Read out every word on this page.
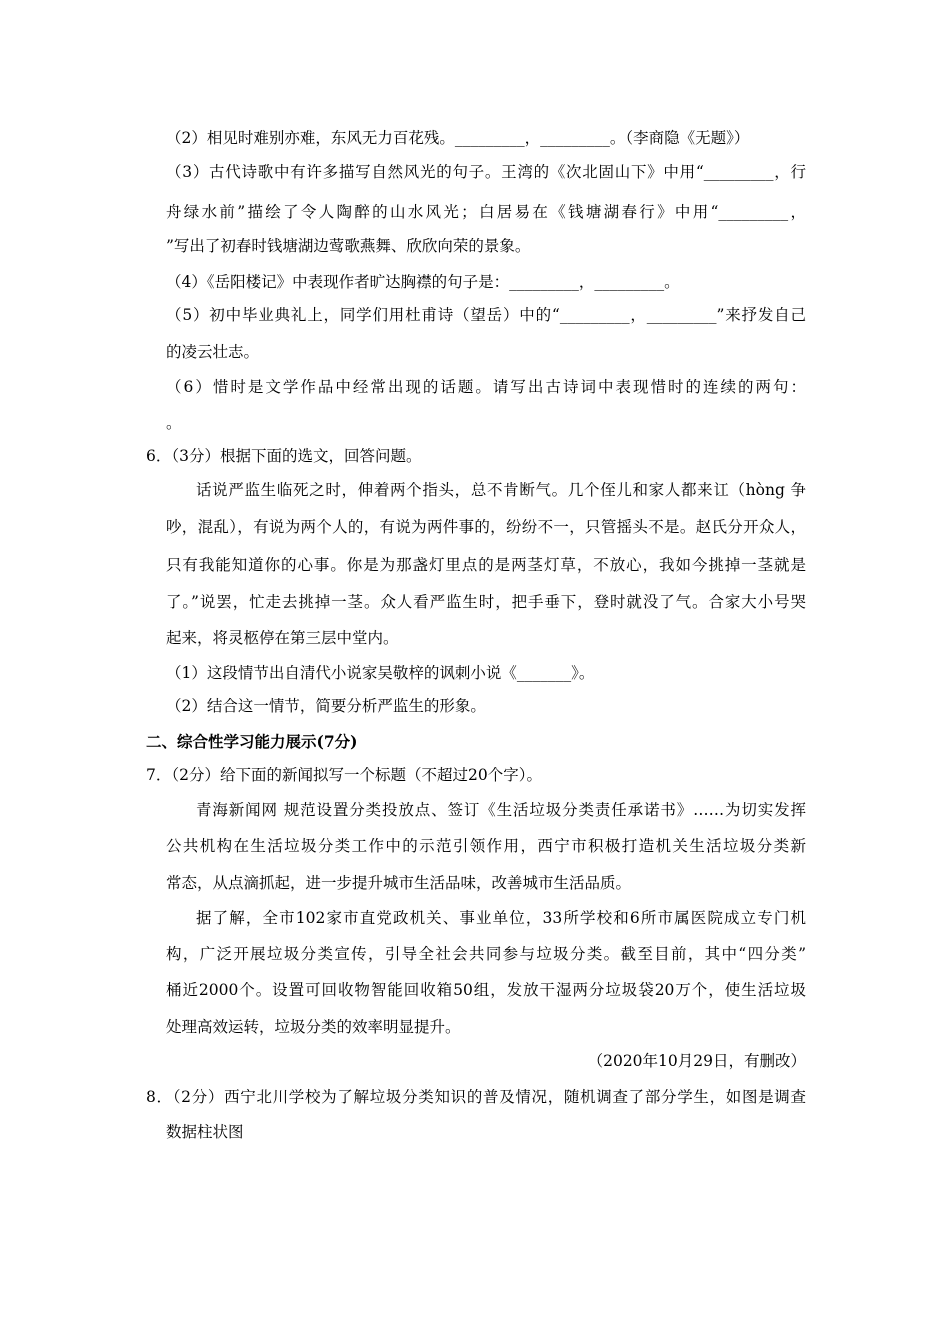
（2）相见时难别亦难，东风无力百花残。_________，_________。（李商隐《无题》）
（3）古代诗歌中有许多描写自然风光的句子。王湾的《次北固山下》中用“_________，行
舟绿水前”描绘了令人陶醉的山水风光；白居易在《钱塘湖春行》中用“_________，
”写出了初春时钱塘湖边莺歌燕舞、欣欣向荣的景象。
（4）《岳阳楼记》中表现作者旷达胸襟的句子是：_________，_________。
（5）初中毕业典礼上，同学们用杜甫诗（望岳）中的“_________，_________”来抒发自己
的凌云壮志。
（6）惜时是文学作品中经常出现的话题。请写出古诗词中表现惜时的连续的两句：
。
6．（3分）根据下面的选文，回答问题。
话说严监生临死之时，伸着两个指头，总不肯断气。几个侄儿和家人都来讧（hòng 争
吵，混乱），有说为两个人的，有说为两件事的，纷纷不一，只管摇头不是。赵氏分开众人，
只有我能知道你的心事。你是为那盏灯里点的是两茎灯草，不放心，我如今挑掉一茎就是
了。”说罢，忙走去挑掉一茎。众人看严监生时，把手垂下，登时就没了气。合家大小号哭
起来，将灵柩停在第三层中堂内。
（1）这段情节出自清代小说家吴敬梓的讽刺小说《_______》。
（2）结合这一情节，简要分析严监生的形象。
二、综合性学习能力展示(7分)
7．（2分）给下面的新闻拟写一个标题（不超过20个字）。
青海新闻网 规范设置分类投放点、签订《生活垃圾分类责任承诺书》……为切实发挥
公共机构在生活垃圾分类工作中的示范引领作用，西宁市积极打造机关生活垃圾分类新
常态，从点滴抓起，进一步提升城市生活品味，改善城市生活品质。
据了解，全市102家市直党政机关、事业单位，33所学校和6所市属医院成立专门机
构，广泛开展垃圾分类宣传，引导全社会共同参与垃圾分类。截至目前，其中“四分类”
桶近2000个。设置可回收物智能回收箱50组，发放干湿两分垃圾袋20万个，使生活垃圾
处理高效运转，垃圾分类的效率明显提升。
（2020年10月29日，有删改）
8．（2分）西宁北川学校为了解垃圾分类知识的普及情况，随机调查了部分学生，如图是调查
数据柱状图
